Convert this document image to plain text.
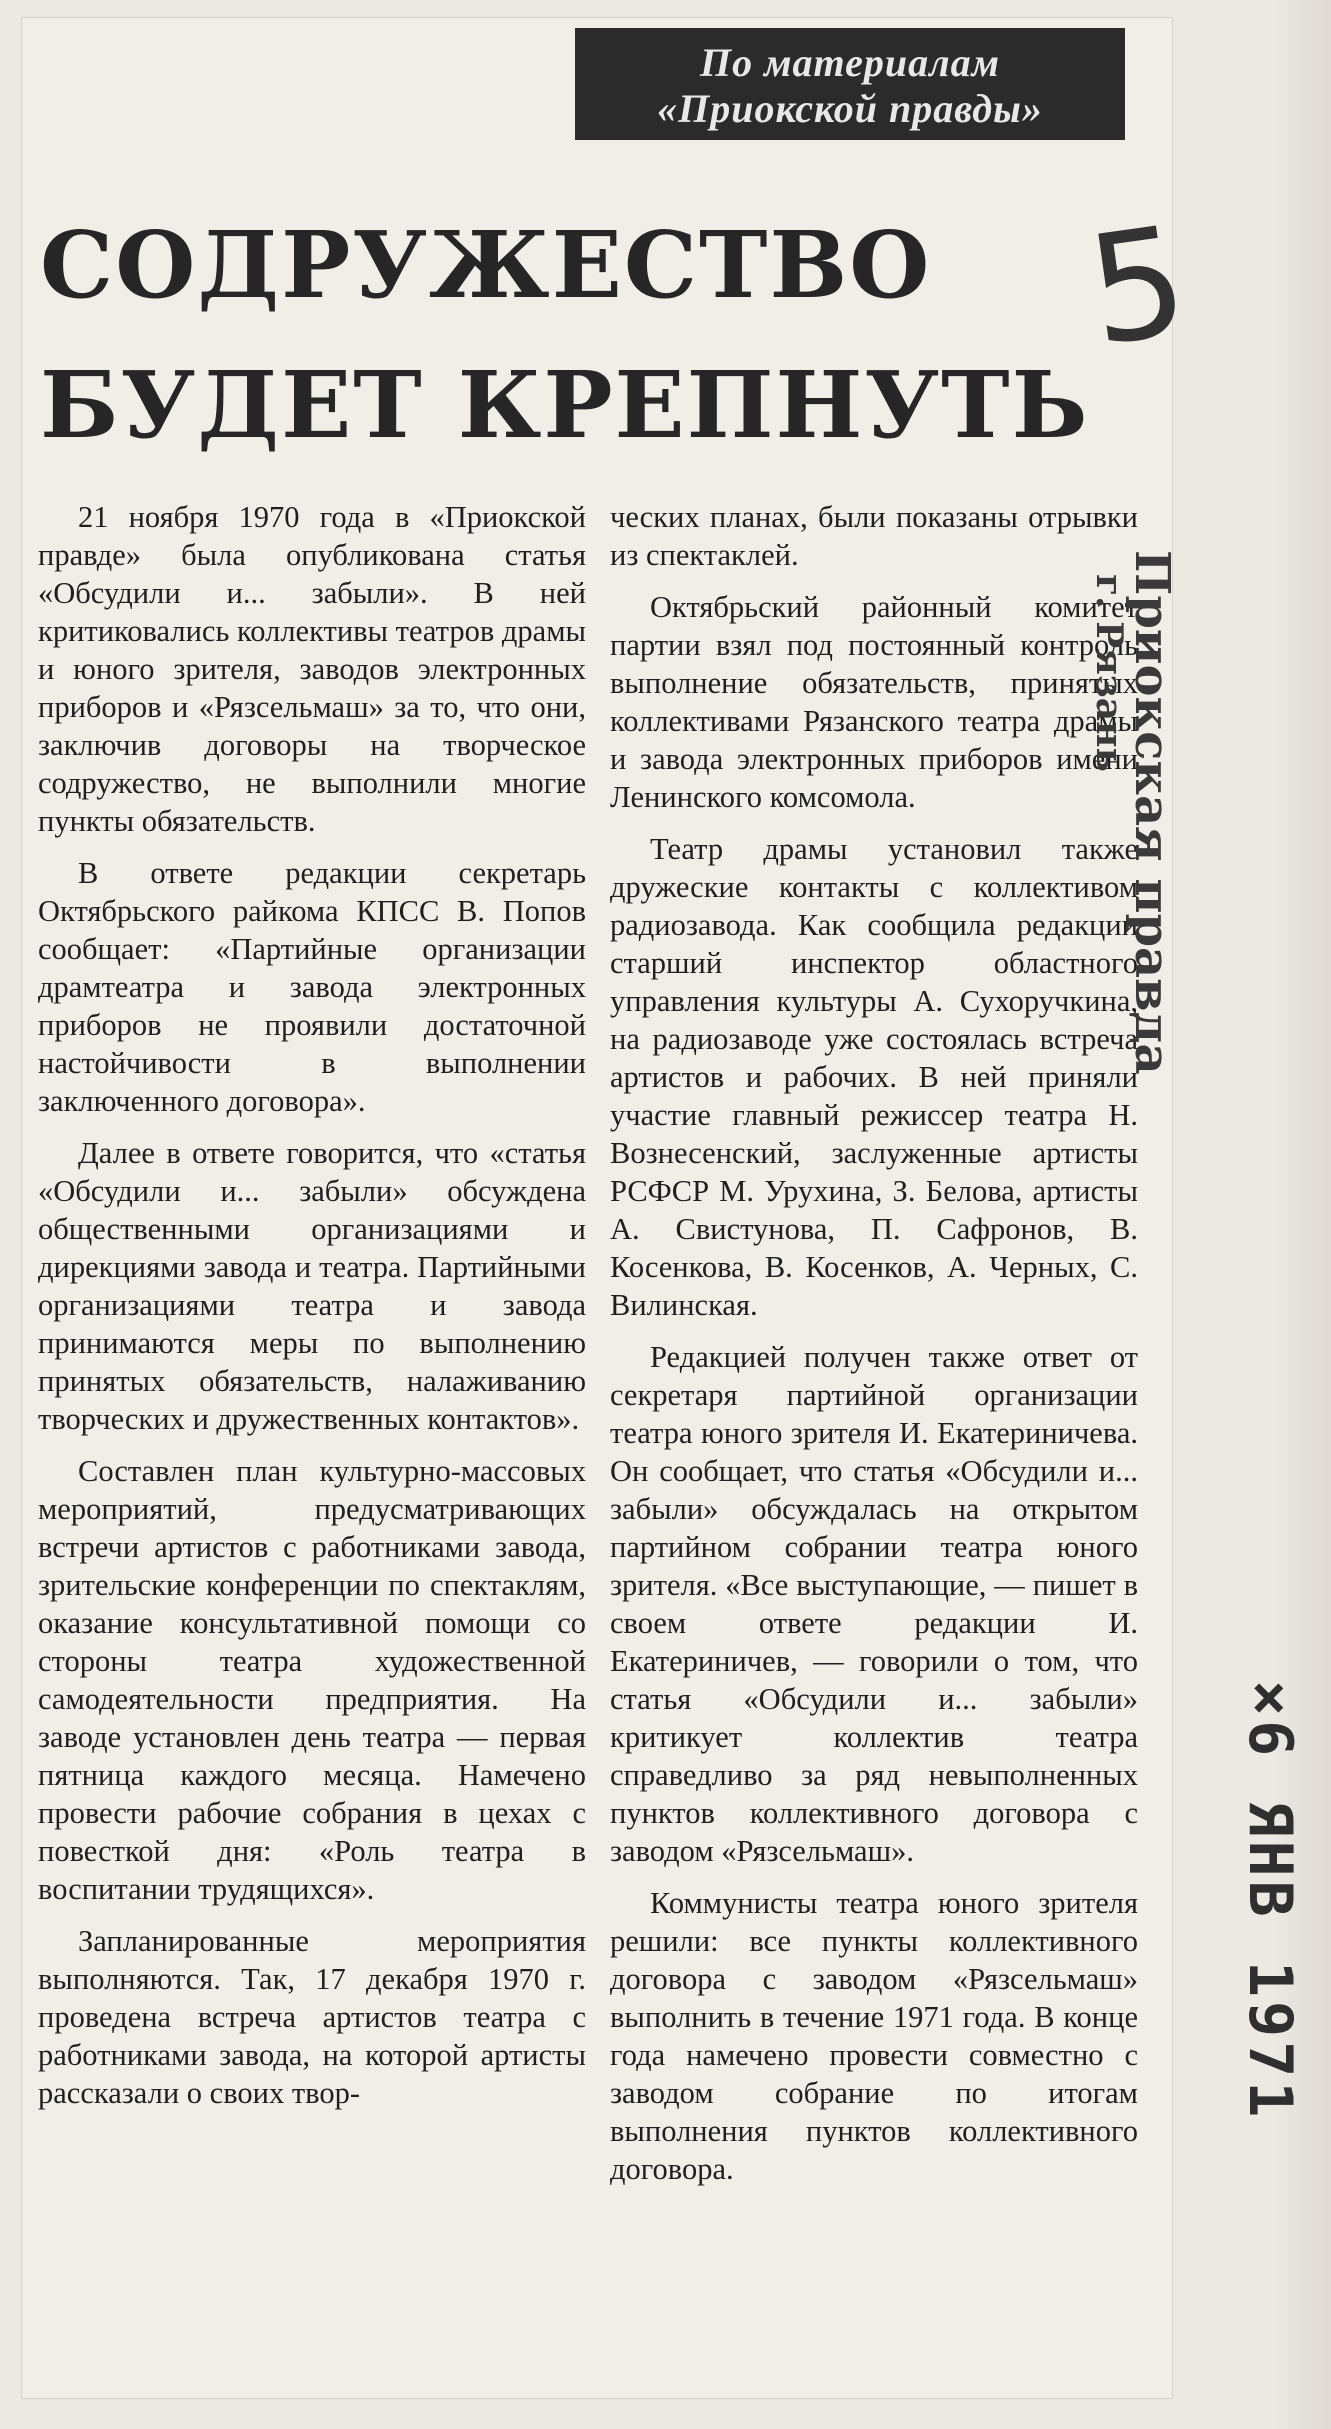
По материалам
«Приокской правды»
СОДРУЖЕСТВО
БУДЕТ КРЕПНУТЬ
5

21 ноября 1970 года в «Приокской правде» была опубликована статья «Обсудили и... забыли». В ней критиковались коллективы театров драмы и юного зрителя, заводов электронных приборов и «Рязсельмаш» за то, что они, заключив договоры на творческое содружество, не выполнили многие пункты обязательств.

В ответе редакции секретарь Октябрьского райкома КПСС В. Попов сообщает: «Партийные организации драмтеатра и завода электронных приборов не проявили достаточной настойчивости в выполнении заключенного договора».

Далее в ответе говорится, что «статья «Обсудили и... забыли» обсуждена общественными организациями и дирекциями завода и театра. Партийными организациями театра и завода принимаются меры по выполнению принятых обязательств, налаживанию творческих и дружественных контактов».

Составлен план культурно-массовых мероприятий, предусматривающих встречи артистов с работниками завода, зрительские конференции по спектаклям, оказание консультативной помощи со стороны театра художественной самодеятельности предприятия. На заводе установлен день театра — первая пятница каждого месяца. Намечено провести рабочие собрания в цехах с повесткой дня: «Роль театра в воспитании трудящихся».

Запланированные мероприятия выполняются. Так, 17 декабря 1970 г. проведена встреча артистов театра с работниками завода, на которой артисты рассказали о своих твор-

ческих планах, были показаны отрывки из спектаклей.

Октябрьский районный комитет партии взял под постоянный контроль выполнение обязательств, принятых коллективами Рязанского театра драмы и завода электронных приборов имени Ленинского комсомола.

Театр драмы установил также дружеские контакты с коллективом радиозавода. Как сообщила редакции старший инспектор областного управления культуры А. Сухоручкина, на радиозаводе уже состоялась встреча артистов и рабочих. В ней приняли участие главный режиссер театра Н. Вознесенский, заслуженные артисты РСФСР М. Урухина, З. Белова, артисты А. Свистунова, П. Сафронов, В. Косенкова, В. Косенков, А. Черных, С. Вилинская.

Редакцией получен также ответ от секретаря партийной организации театра юного зрителя И. Екатериничева. Он сообщает, что статья «Обсудили и... забыли» обсуждалась на открытом партийном собрании театра юного зрителя. «Все выступающие, — пишет в своем ответе редакции И. Екатериничев, — говорили о том, что статья «Обсудили и... забыли» критикует коллектив театра справедливо за ряд невыполненных пунктов коллективного договора с заводом «Рязсельмаш».

Коммунисты театра юного зрителя решили: все пункты коллективного договора с заводом «Рязсельмаш» выполнить в течение 1971 года. В конце года намечено провести совместно с заводом собрание по итогам выполнения пунктов коллективного договора.

Приокская правда
г. Рязань
×6 ЯНВ 1971
